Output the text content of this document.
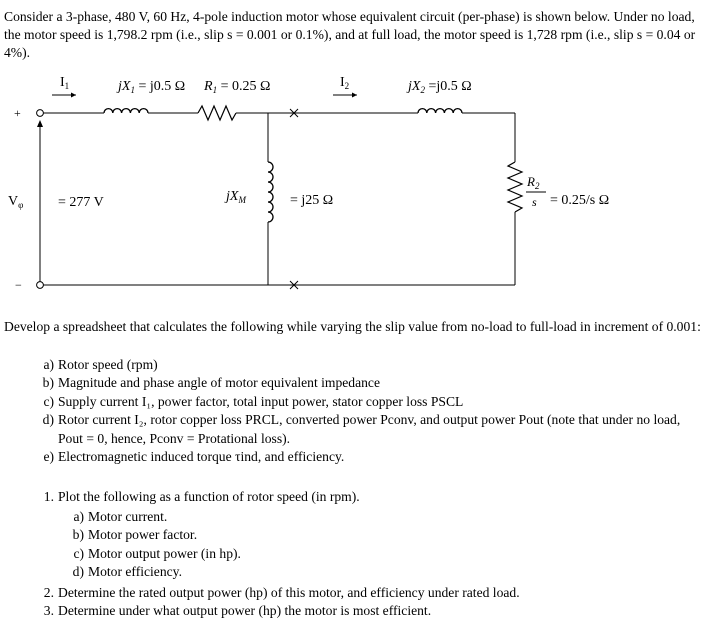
Consider a 3-phase, 480 V, 60 Hz, 4-pole induction motor whose equivalent circuit (per-phase) is shown below. Under no load, the motor speed is 1,798.2 rpm (i.e., slip s = 0.001 or 0.1%), and at full load, the motor speed is 1,728 rpm (i.e., slip s = 0.04 or 4%).

$I_1$	$jX_1 = j0.5$ Ω $R_1 = 0.25$ Ω	$I_2$	$jX_2 =j0.5$ Ω
+
−
$V_\varphi = 277$ V	$jX_M$	= j25 Ω
$R_2$
s = 0.25/s Ω

Develop a spreadsheet that calculates the following while varying the slip value from no-load to full-load in increment of 0.001:

a) Rotor speed (rpm)
b) Magnitude and phase angle of motor equivalent impedance
c) Supply current I₁, power factor, total input power, stator copper loss PSCL
d) Rotor current I₂, rotor copper loss PRCL, converted power Pconv, and output power Pout (note that under no load, Pout = 0, hence, Pconv = Protational loss).
e) Electromagnetic induced torque τind, and efficiency.
1. Plot the following as a function of rotor speed (in rpm).
a) Motor current.
b) Motor power factor.
c) Motor output power (in hp).
d) Motor efficiency.
2. Determine the rated output power (hp) of this motor, and efficiency under rated load.
3. Determine under what output power (hp) the motor is most efficient.
